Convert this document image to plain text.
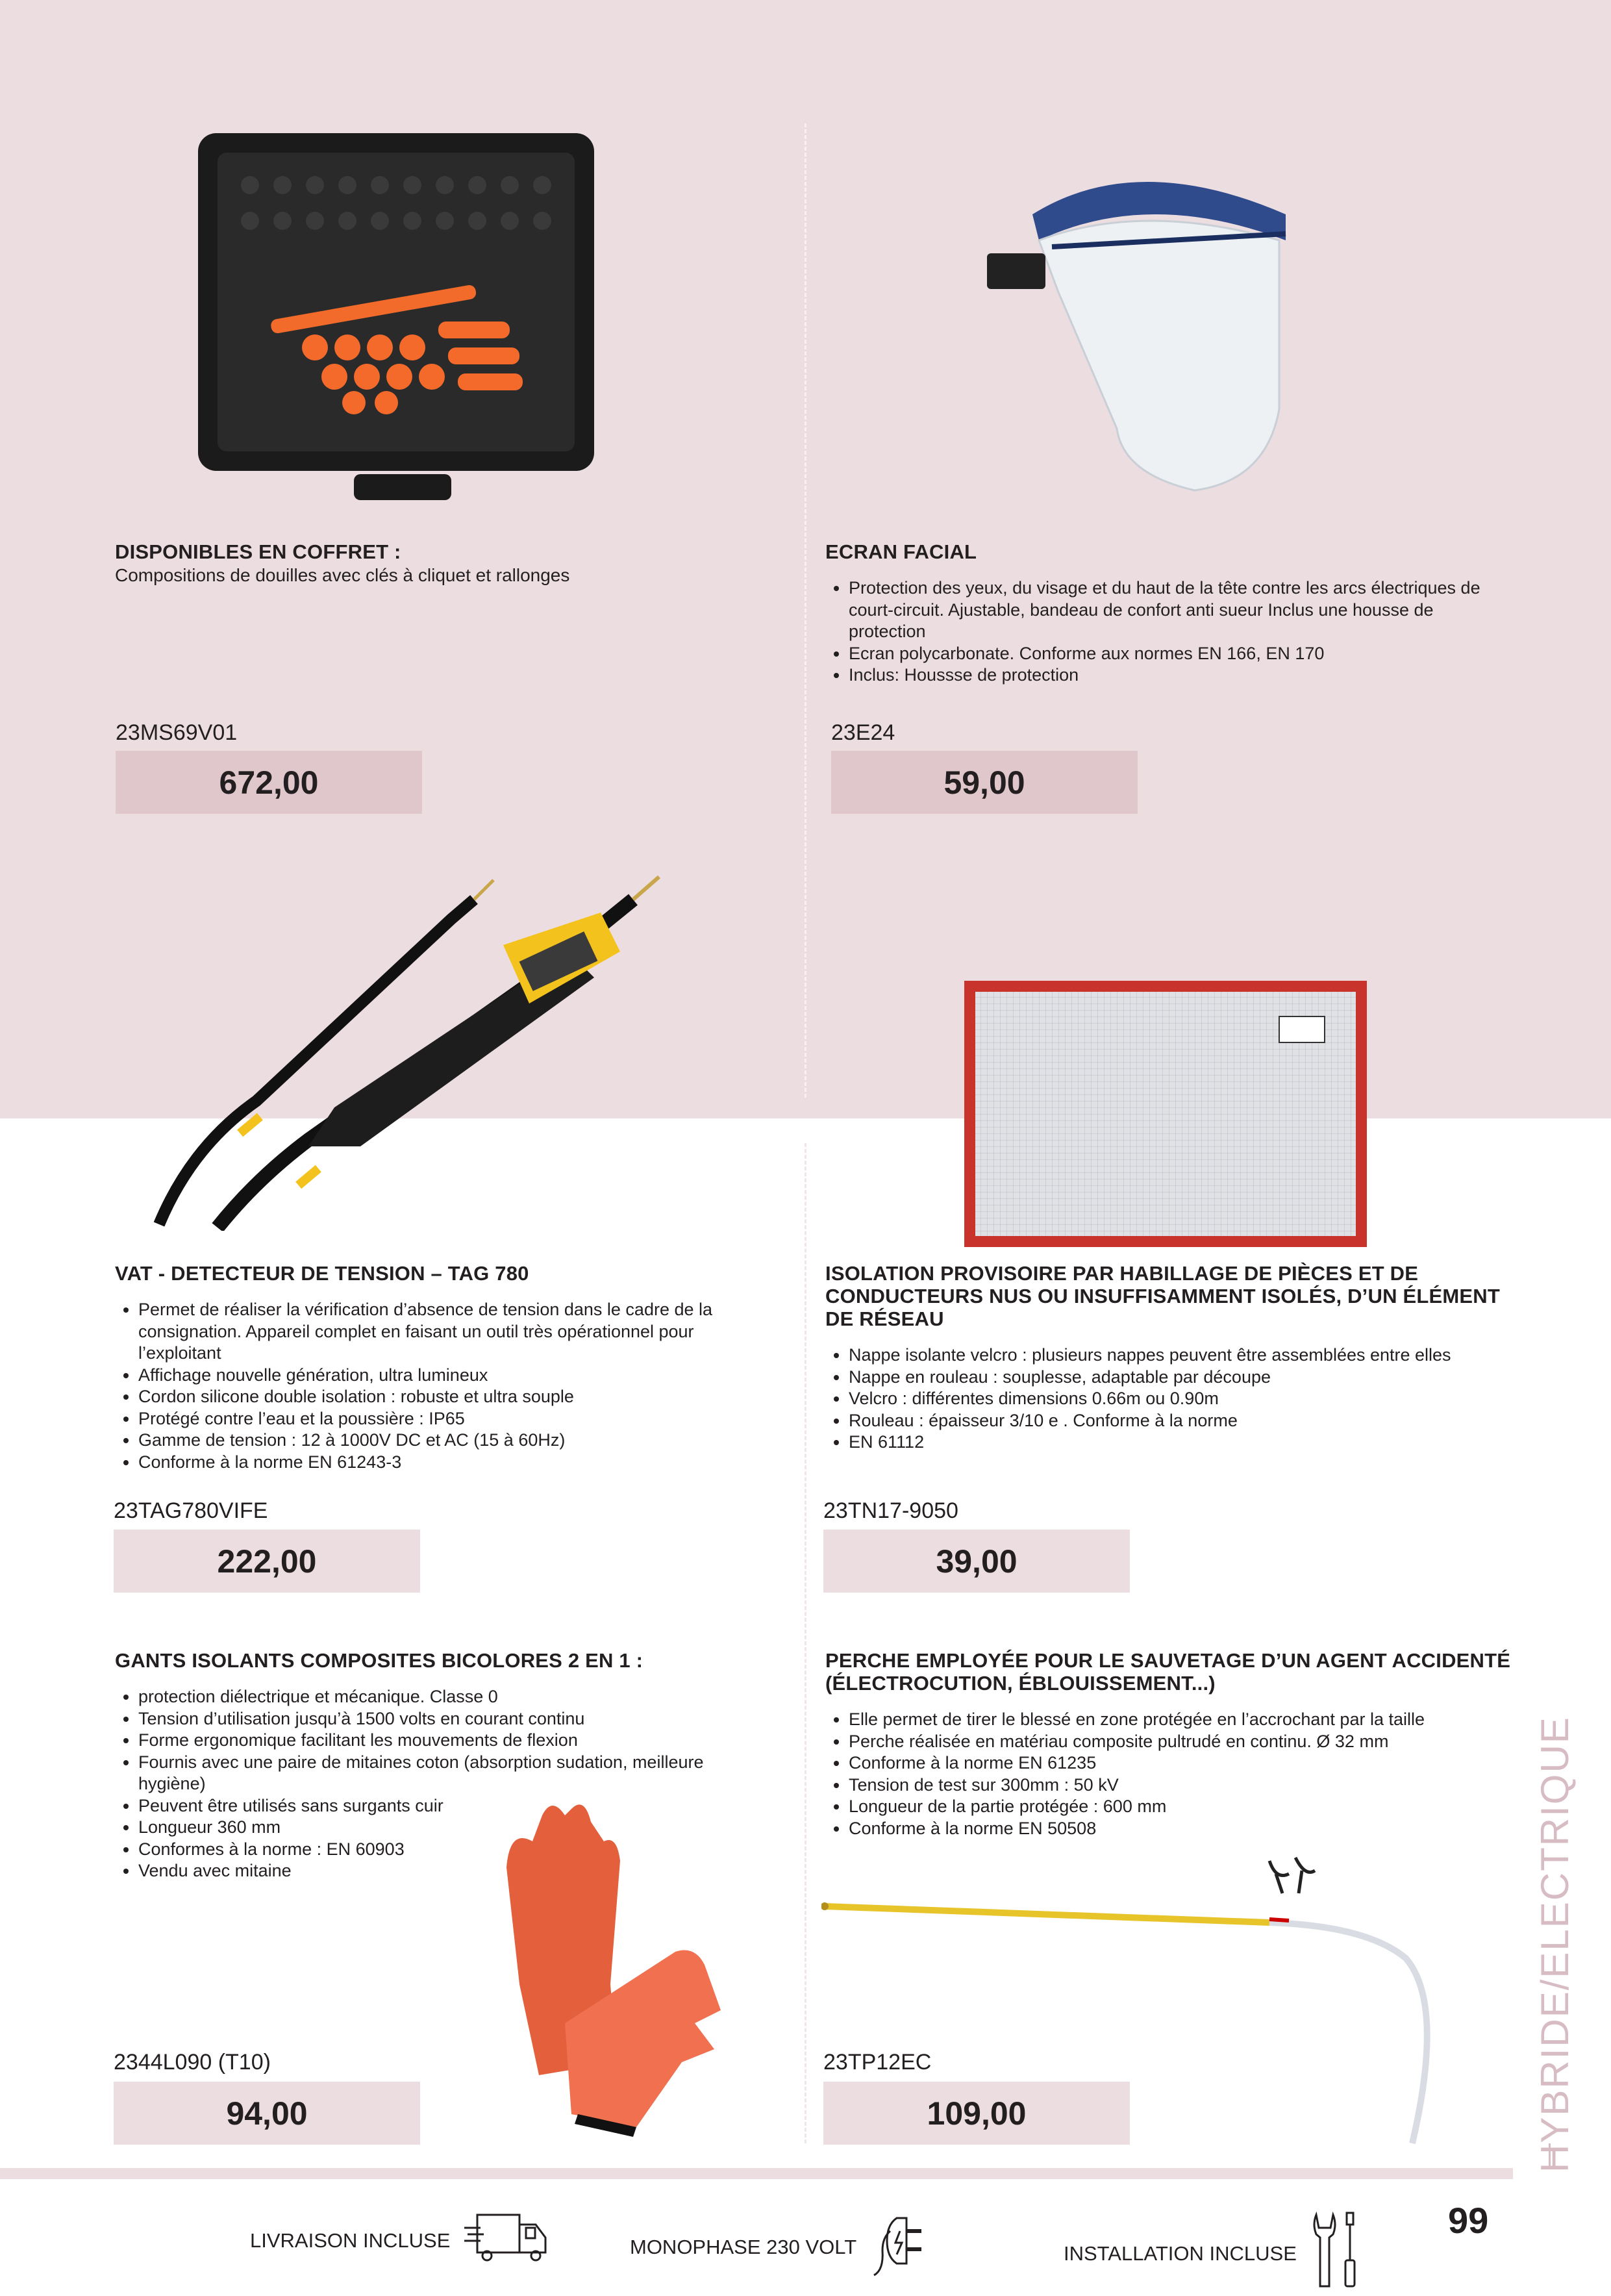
DISPONIBLES EN COFFRET :
Compositions de douilles avec clés à cliquet et rallonges
23MS69V01
672,00
ECRAN FACIAL
• Protection des yeux, du visage et du haut de la tête contre les arcs électriques de court-circuit. Ajustable, bandeau de confort anti sueur Inclus une housse de protection
• Ecran polycarbonate. Conforme aux normes EN 166, EN 170
• Inclus: Houssse de protection
23E24
59,00
VAT - DETECTEUR DE TENSION – TAG 780
• Permet de réaliser la vérification d’absence de tension dans le cadre de la consignation. Appareil complet en faisant un outil très opérationnel pour l’exploitant
• Affichage nouvelle génération, ultra lumineux
• Cordon silicone double isolation : robuste et ultra souple
• Protégé contre l’eau et la poussière : IP65
• Gamme de tension : 12 à 1000V DC et AC (15 à 60Hz)
• Conforme à la norme EN 61243-3
23TAG780VIFE
222,00
ISOLATION PROVISOIRE PAR HABILLAGE DE PIÈCES ET DE CONDUCTEURS NUS OU INSUFFISAMMENT ISOLÉS, D’UN ÉLÉMENT DE RÉSEAU
• Nappe isolante velcro : plusieurs nappes peuvent être assemblées entre elles
• Nappe en rouleau : souplesse, adaptable par découpe
• Velcro : différentes dimensions 0.66m ou 0.90m
• Rouleau : épaisseur 3/10 e . Conforme à la norme
• EN 61112
23TN17-9050
39,00
GANTS ISOLANTS COMPOSITES BICOLORES 2 EN 1 :
• protection diélectrique et mécanique. Classe 0
• Tension d’utilisation jusqu’à 1500 volts en courant continu
• Forme ergonomique facilitant les mouvements de flexion
• Fournis avec une paire de mitaines coton (absorption sudation, meilleure hygiène)
• Peuvent être utilisés sans surgants cuir
• Longueur 360 mm
• Conformes à la norme : EN 60903
• Vendu avec mitaine
2344L090 (T10)
94,00
PERCHE EMPLOYÉE POUR LE SAUVETAGE D’UN AGENT ACCIDENTÉ (ÉLECTROCUTION, ÉBLOUISSEMENT...)
• Elle permet de tirer le blessé en zone protégée en l’accrochant par la taille
• Perche réalisée en matériau composite pultrudé en continu. Ø 32 mm
• Conforme à la norme EN 61235
• Tension de test sur 300mm : 50 kV
• Longueur de la partie protégée : 600 mm
• Conforme à la norme EN 50508
23TP12EC
109,00	HYBRIDE/ELECTRIQUE
LIVRAISON INCLUSE	MONOPHASE 230 VOLT	INSTALLATION INCLUSE
99
